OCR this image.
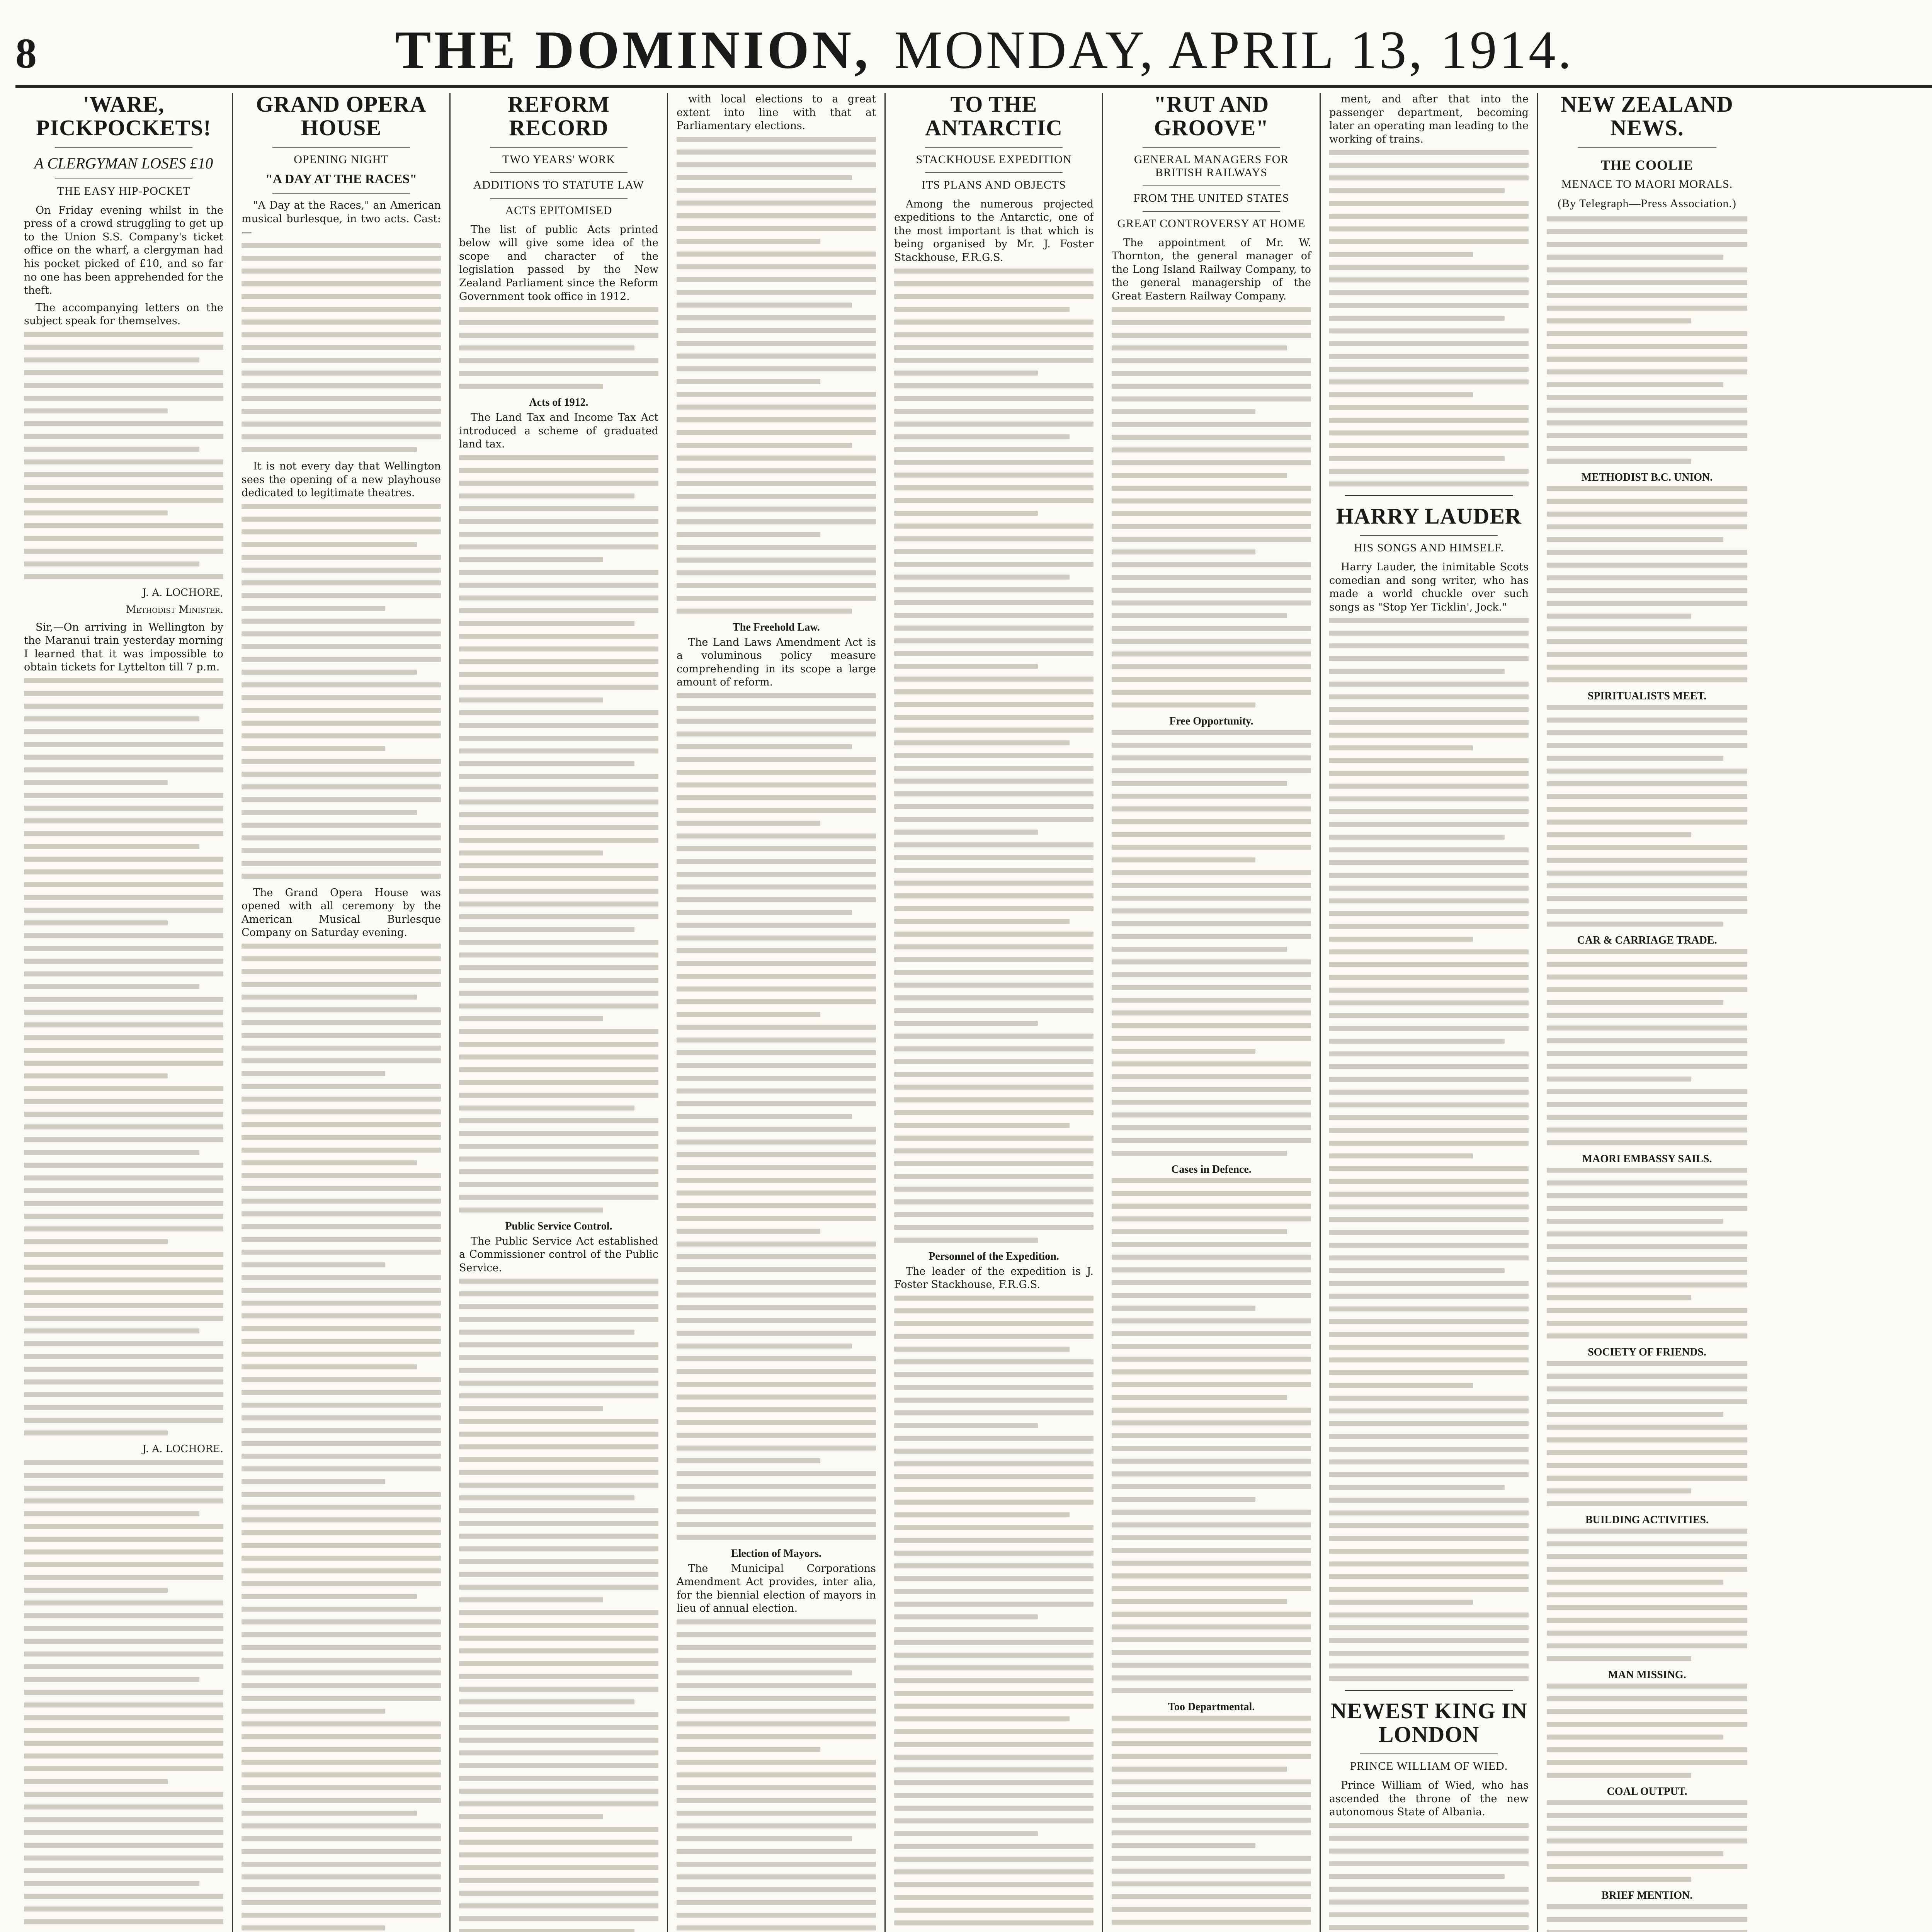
8	THE DOMINION, MONDAY, APRIL 13, 1914.
'WARE, PICKPOCKETS!
A CLERGYMAN LOSES £10
THE EASY HIP-POCKET

On Friday evening whilst in the press of a crowd struggling to get up to the Union S.S. Company's ticket office on the wharf, a clergyman had his pocket picked of £10, and so far no one has been apprehended for the theft.

The accompanying letters on the subject speak for themselves.

J. A. LOCHORE,
Methodist Minister.

Sir,—On arriving in Wellington by the Maranui train yesterday morning I learned that it was impossible to obtain tickets for Lyttelton till 7 p.m.

J. A. LOCHORE.

GRAND OPERA HOUSE
OPENING NIGHT
"A DAY AT THE RACES"

"A Day at the Races," an American musical burlesque, in two acts. Cast:—

It is not every day that Wellington sees the opening of a new playhouse dedicated to legitimate theatres.

The Grand Opera House was opened with all ceremony by the American Musical Burlesque Company on Saturday evening.

REFORM RECORD
TWO YEARS' WORK
ADDITIONS TO STATUTE LAW
ACTS EPITOMISED

The list of public Acts printed below will give some idea of the scope and character of the legislation passed by the New Zealand Parliament since the Reform Government took office in 1912.

Acts of 1912.

The Land Tax and Income Tax Act introduced a scheme of graduated land tax.

Public Service Control.

The Public Service Act established a Commissioner control of the Public Service.

with local elections to a great extent into line with that at Parliamentary elections.

The Freehold Law.

The Land Laws Amendment Act is a voluminous policy measure comprehending in its scope a large amount of reform.

Election of Mayors.

The Municipal Corporations Amendment Act provides, inter alia, for the biennial election of mayors in lieu of annual election.

TO THE ANTARCTIC
STACKHOUSE EXPEDITION
ITS PLANS AND OBJECTS

Among the numerous projected expeditions to the Antarctic, one of the most important is that which is being organised by Mr. J. Foster Stackhouse, F.R.G.S.

Personnel of the Expedition.

The leader of the expedition is J. Foster Stackhouse, F.R.G.S.

"RUT AND GROOVE"
GENERAL MANAGERS FOR BRITISH RAILWAYS
FROM THE UNITED STATES
GREAT CONTROVERSY AT HOME

The appointment of Mr. W. Thornton, the general manager of the Long Island Railway Company, to the general managership of the Great Eastern Railway Company.

Free Opportunity.
Cases in Defence.
Too Departmental.

ment, and after that into the passenger department, becoming later an operating man leading to the working of trains.

HARRY LAUDER
HIS SONGS AND HIMSELF.

Harry Lauder, the inimitable Scots comedian and song writer, who has made a world chuckle over such songs as "Stop Yer Ticklin', Jock."

NEWEST KING IN LONDON
PRINCE WILLIAM OF WIED.

Prince William of Wied, who has ascended the throne of the new autonomous State of Albania.

NEW ZEALAND NEWS.
THE COOLIE
MENACE TO MAORI MORALS.
(By Telegraph—Press Association.)
METHODIST B.C. UNION.
SPIRITUALISTS MEET.
CAR & CARRIAGE TRADE.
MAORI EMBASSY SAILS.
SOCIETY OF FRIENDS.
BUILDING ACTIVITIES.
MAN MISSING.
COAL OUTPUT.
BRIEF MENTION.
